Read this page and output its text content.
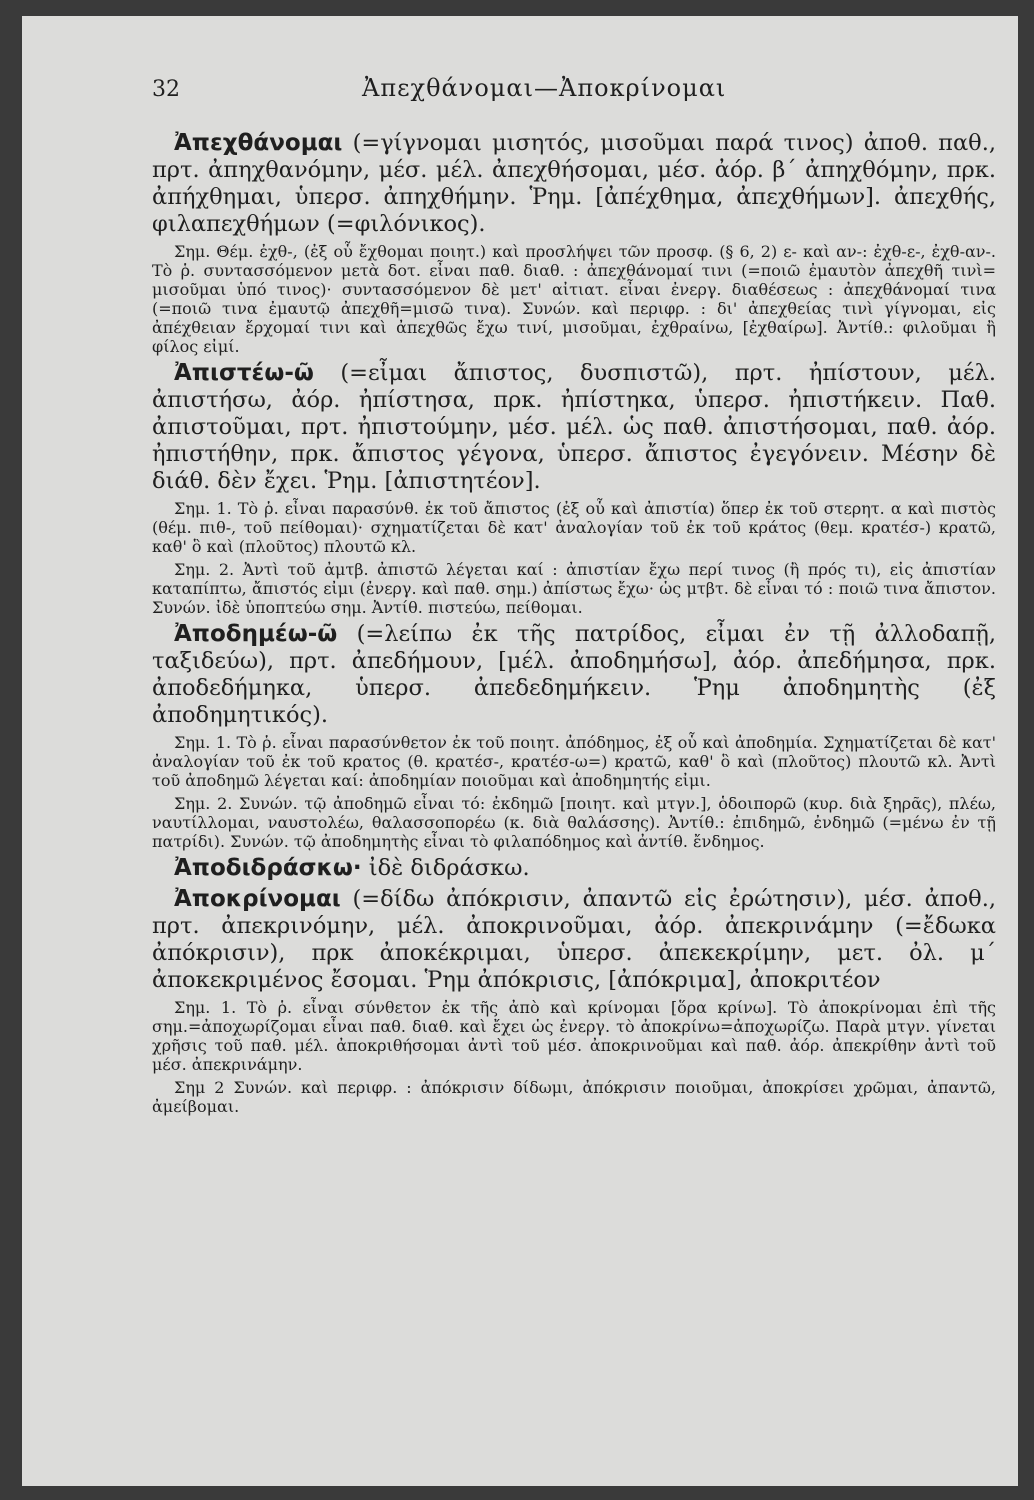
32	Ἀπεχθάνομαι—Ἀποκρίνομαι

Ἀπεχθάνομαι (=γίγνομαι μισητός, μισοῦμαι παρά τινος) ἀποθ. παθ., πρτ. ἀπηχθανόμην, μέσ. μέλ. ἀπεχθήσομαι, μέσ. ἀόρ. β´ ἀπηχθόμην, πρκ. ἀπήχθημαι, ὑπερσ. ἀπηχθήμην. Ῥημ. [ἀπέχθημα, ἀπεχθήμων]. ἀπεχθής, φιλαπεχθήμων (=φιλόνικος).

Σημ. Θέμ. ἐχθ-, (ἐξ οὗ ἔχθομαι ποιητ.) καὶ προσλήψει τῶν προσφ. (§ 6, 2) ε- καὶ αν-: ἐχθ-ε-, ἐχθ-αν-. Τὸ ῥ. συντασσόμενον μετὰ δοτ. εἶναι παθ. διαθ. : ἀπεχθάνομαί τινι (=ποιῶ ἐμαυτὸν ἀπεχθῆ τινὶ= μισοῦμαι ὑπό τινος)· συντασσόμενον δὲ μετ' αἰτιατ. εἶναι ἐνεργ. διαθέσεως : ἀπεχθάνομαί τινα (=ποιῶ τινα ἐμαυτῷ ἀπεχθῆ=μισῶ τινα). Συνών. καὶ περιφρ. : δι' ἀπεχθείας τινὶ γίγνομαι, εἰς ἀπέχθειαν ἔρχομαί τινι καὶ ἀπεχθῶς ἔχω τινί, μισοῦμαι, ἐχθραίνω, [ἐχθαίρω]. Ἀντίθ.: φιλοῦμαι ἢ φίλος εἰμί.

Ἀπιστέω-ῶ (=εἶμαι ἄπιστος, δυσπιστῶ), πρτ. ἠπίστουν, μέλ. ἀπιστήσω, ἀόρ. ἠπίστησα, πρκ. ἠπίστηκα, ὑπερσ. ἠπιστήκειν. Παθ. ἀπιστοῦμαι, πρτ. ἠπιστούμην, μέσ. μέλ. ὡς παθ. ἀπιστήσομαι, παθ. ἀόρ. ἠπιστήθην, πρκ. ἄπιστος γέγονα, ὑπερσ. ἄπιστος ἐγεγόνειν. Μέσην δὲ διάθ. δὲν ἔχει. Ῥημ. [ἀπιστητέον].

Σημ. 1. Τὸ ῥ. εἶναι παρασύνθ. ἐκ τοῦ ἄπιστος (ἐξ οὗ καὶ ἀπιστία) ὅπερ ἐκ τοῦ στερητ. α καὶ πιστὸς (θέμ. πιθ-, τοῦ πείθομαι)· σχηματίζεται δὲ κατ' ἀναλογίαν τοῦ ἐκ τοῦ κράτος (θεμ. κρατέσ-) κρατῶ, καθ' ὃ καὶ (πλοῦτος) πλουτῶ κλ.

Σημ. 2. Ἀντὶ τοῦ ἀμτβ. ἀπιστῶ λέγεται καί : ἀπιστίαν ἔχω περί τινος (ἢ πρός τι), εἰς ἀπιστίαν καταπίπτω, ἄπιστός εἰμι (ἐνεργ. καὶ παθ. σημ.) ἀπίστως ἔχω· ὡς μτβτ. δὲ εἶναι τό : ποιῶ τινα ἄπιστον. Συνών. ἰδὲ ὑποπτεύω σημ. Ἀντίθ. πιστεύω, πείθομαι.

Ἀποδημέω-ῶ (=λείπω ἐκ τῆς πατρίδος, εἶμαι ἐν τῇ ἀλλοδαπῇ, ταξιδεύω), πρτ. ἀπεδήμουν, [μέλ. ἀποδημήσω], ἀόρ. ἀπεδήμησα, πρκ. ἀποδεδήμηκα, ὑπερσ. ἀπεδεδημήκειν. Ῥημ ἀποδημητὴς (ἐξ ἀποδημητικός).

Σημ. 1. Τὸ ῥ. εἶναι παρασύνθετον ἐκ τοῦ ποιητ. ἀπόδημος, ἐξ οὗ καὶ ἀποδημία. Σχηματίζεται δὲ κατ' ἀναλογίαν τοῦ ἐκ τοῦ κρατος (θ. κρατέσ-, κρατέσ-ω=) κρατῶ, καθ' ὃ καὶ (πλοῦτος) πλουτῶ κλ. Ἀντὶ τοῦ ἀποδημῶ λέγεται καί: ἀποδημίαν ποιοῦμαι καὶ ἀποδημητής εἰμι.

Σημ. 2. Συνών. τῷ ἀποδημῶ εἶναι τό: ἐκδημῶ [ποιητ. καὶ μτγν.], ὁδοιπορῶ (κυρ. διὰ ξηρᾶς), πλέω, ναυτίλλομαι, ναυστολέω, θαλασσοπορέω (κ. διὰ θαλάσσης). Ἀντίθ.: ἐπιδημῶ, ἐνδημῶ (=μένω ἐν τῇ πατρίδι). Συνών. τῷ ἀποδημητὴς εἶναι τὸ φιλαπόδημος καὶ ἀντίθ. ἔνδημος.

Ἀποδιδράσκω· ἰδὲ διδράσκω.

Ἀποκρίνομαι (=δίδω ἀπόκρισιν, ἀπαντῶ εἰς ἐρώτησιν), μέσ. ἀποθ., πρτ. ἀπεκρινόμην, μέλ. ἀποκρινοῦμαι, ἀόρ. ἀπεκρινάμην (=ἔδωκα ἀπόκρισιν), πρκ ἀποκέκριμαι, ὑπερσ. ἀπεκεκρίμην, μετ. ὀλ. μ´ ἀποκεκριμένος ἔσομαι. Ῥημ ἀπόκρισις, [ἀπόκριμα], ἀποκριτέον

Σημ. 1. Τὸ ῥ. εἶναι σύνθετον ἐκ τῆς ἀπὸ καὶ κρίνομαι [ὅρα κρίνω]. Τὸ ἀποκρίνομαι ἐπὶ τῆς σημ.=ἀποχωρίζομαι εἶναι παθ. διαθ. καὶ ἔχει ὡς ἐνεργ. τὸ ἀποκρίνω=ἀποχωρίζω. Παρὰ μτγν. γίνεται χρῆσις τοῦ παθ. μέλ. ἀποκριθήσομαι ἀντὶ τοῦ μέσ. ἀποκρινοῦμαι καὶ παθ. ἀόρ. ἀπεκρίθην ἀντὶ τοῦ μέσ. ἀπεκρινάμην.

Σημ 2 Συνών. καὶ περιφρ. : ἀπόκρισιν δίδωμι, ἀπόκρισιν ποιοῦμαι, ἀποκρίσει χρῶμαι, ἀπαντῶ, ἀμείβομαι.
